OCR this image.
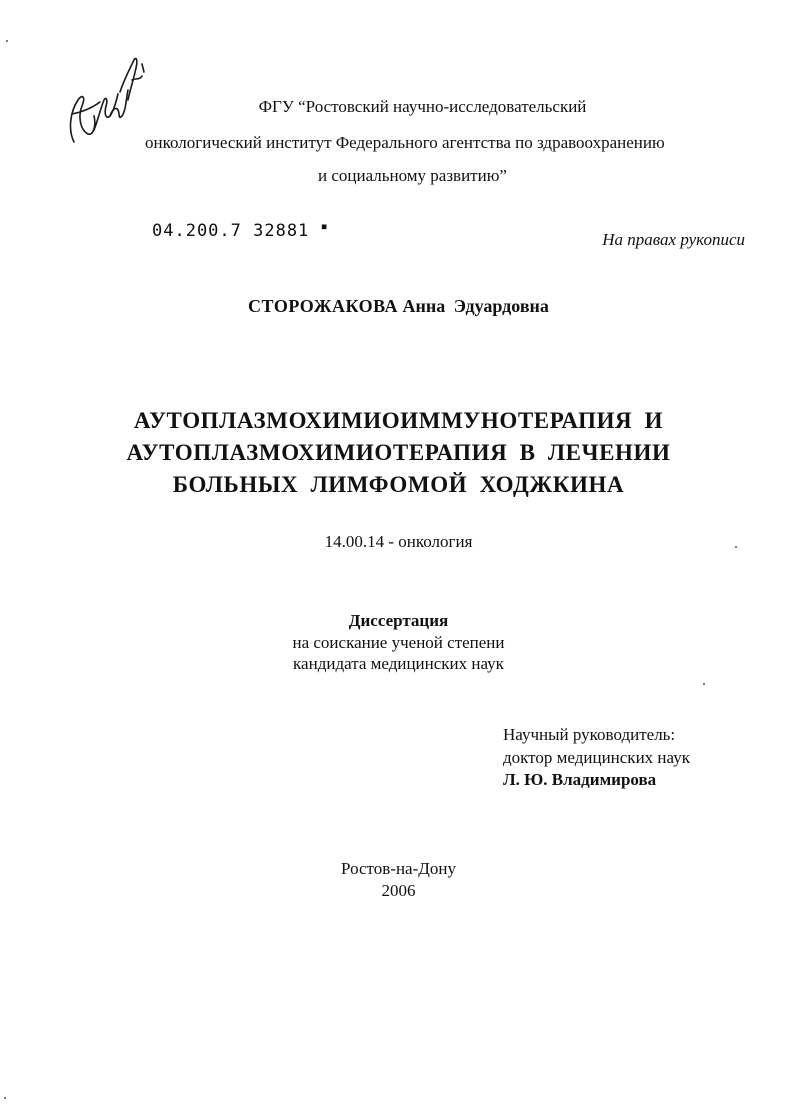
ФГУ “Ростовский научно-исследовательский
онкологический институт Федерального агентства по здравоохранению
и социальному развитию”
04.200.7 32881 ▪
На правах рукописи
СТОРОЖАКОВА Анна Эдуардовна
АУТОПЛАЗМОХИМИОИММУНОТЕРАПИЯ И
АУТОПЛАЗМОХИМИОТЕРАПИЯ В ЛЕЧЕНИИ
БОЛЬНЫХ ЛИМФОМОЙ ХОДЖКИНА
14.00.14 - онкология
Диссертация
на соискание ученой степени
кандидата медицинских наук
Научный руководитель:
доктор медицинских наук
Л. Ю. Владимирова
Ростов-на-Дону
2006
